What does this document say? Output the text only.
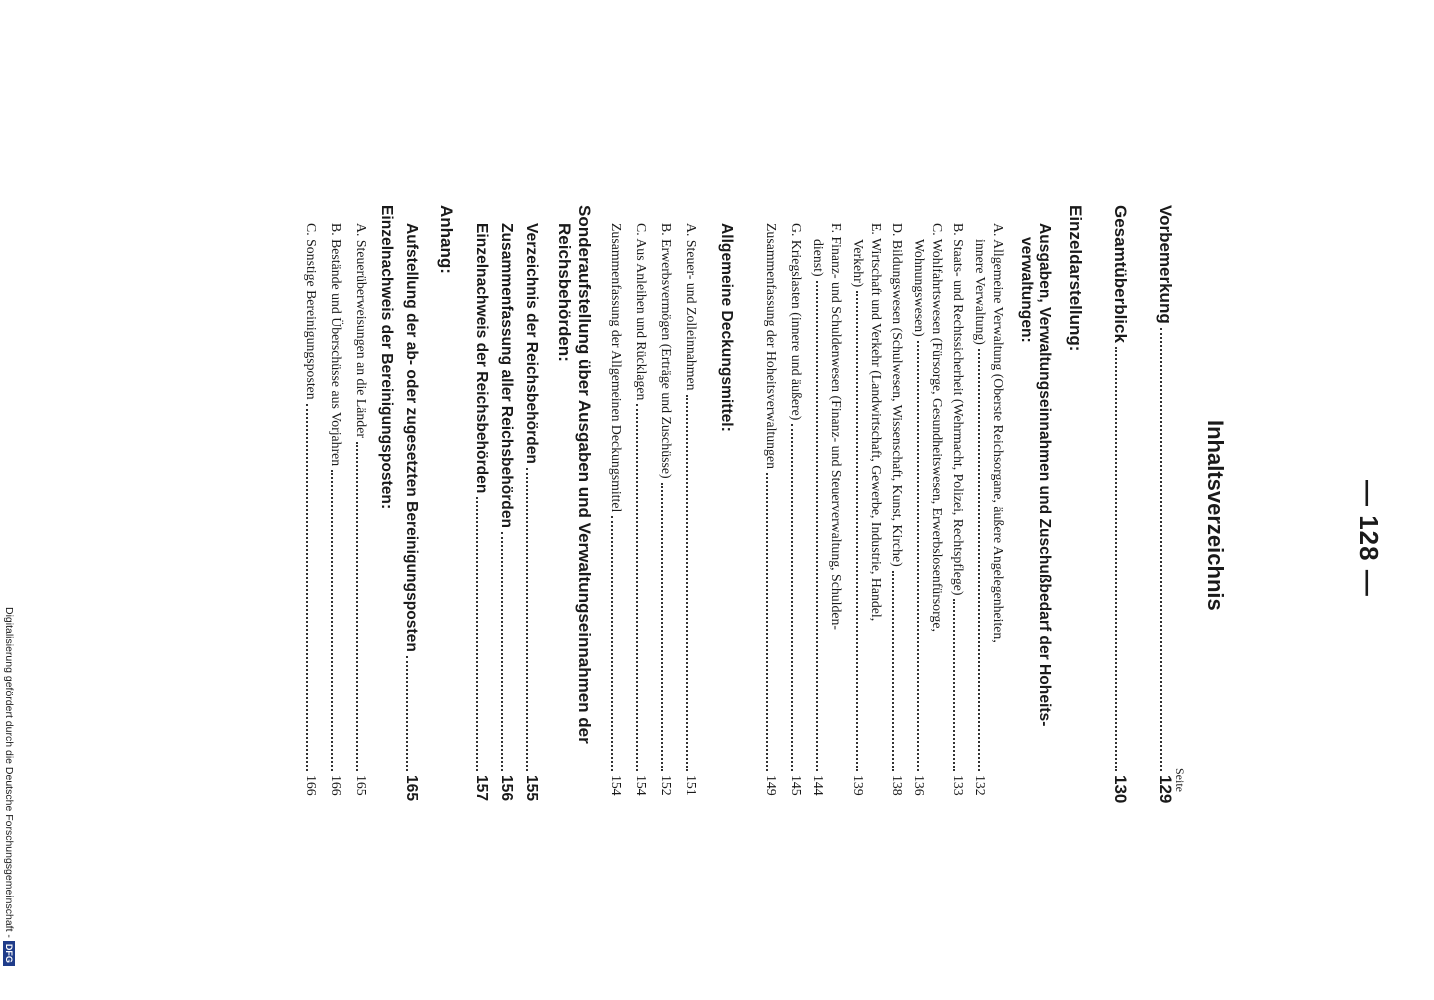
— 128 —
Inhaltsverzeichnis
Seite
Vorbemerkung
129
Gesamtüberblick
130
Einzeldarstellung:
Ausgaben, Verwaltungseinnahmen und Zuschußbedarf der Hoheits-
verwaltungen:
A. Allgemeine Verwaltung (Oberste Reichsorgane, äußere Angelegenheiten,
innere Verwaltung)
132
B. Staats- und Rechtssicherheit (Wehrmacht, Polizei, Rechtspflege)
133
C. Wohlfahrtswesen (Fürsorge, Gesundheitswesen, Erwerbslosenfürsorge,
Wohnungswesen)
136
D. Bildungswesen (Schulwesen, Wissenschaft, Kunst, Kirche)
138
E. Wirtschaft und Verkehr (Landwirtschaft, Gewerbe, Industrie, Handel,
Verkehr)
139
F. Finanz- und Schuldenwesen (Finanz- und Steuerverwaltung, Schulden-
dienst)
144
G. Kriegslasten (innere und äußere)
145
Zusammenfassung der Hoheitsverwaltungen
149
Allgemeine Deckungsmittel:
A. Steuer- und Zolleinnahmen
151
B. Erwerbsvermögen (Erträge und Zuschüsse)
152
C. Aus Anleihen und Rücklagen
154
Zusammenfassung der Allgemeinen Deckungsmittel
154
Sonderaufstellung über Ausgaben und Verwaltungseinnahmen der
Reichsbehörden:
Verzeichnis der Reichsbehörden
155
Zusammenfassung aller Reichsbehörden
156
Einzelnachweis der Reichsbehörden
157
Anhang:
Aufstellung der ab- oder zugesetzten Bereinigungsposten
165
Einzelnachweis der Bereinigungsposten:
A. Steuerüberweisungen an die Länder
165
B. Bestände und Überschüsse aus Vorjahren
166
C. Sonstige Bereinigungsposten
166
Digitalisierung gefördert durch die Deutsche Forschungsgemeinschaft -DFG
